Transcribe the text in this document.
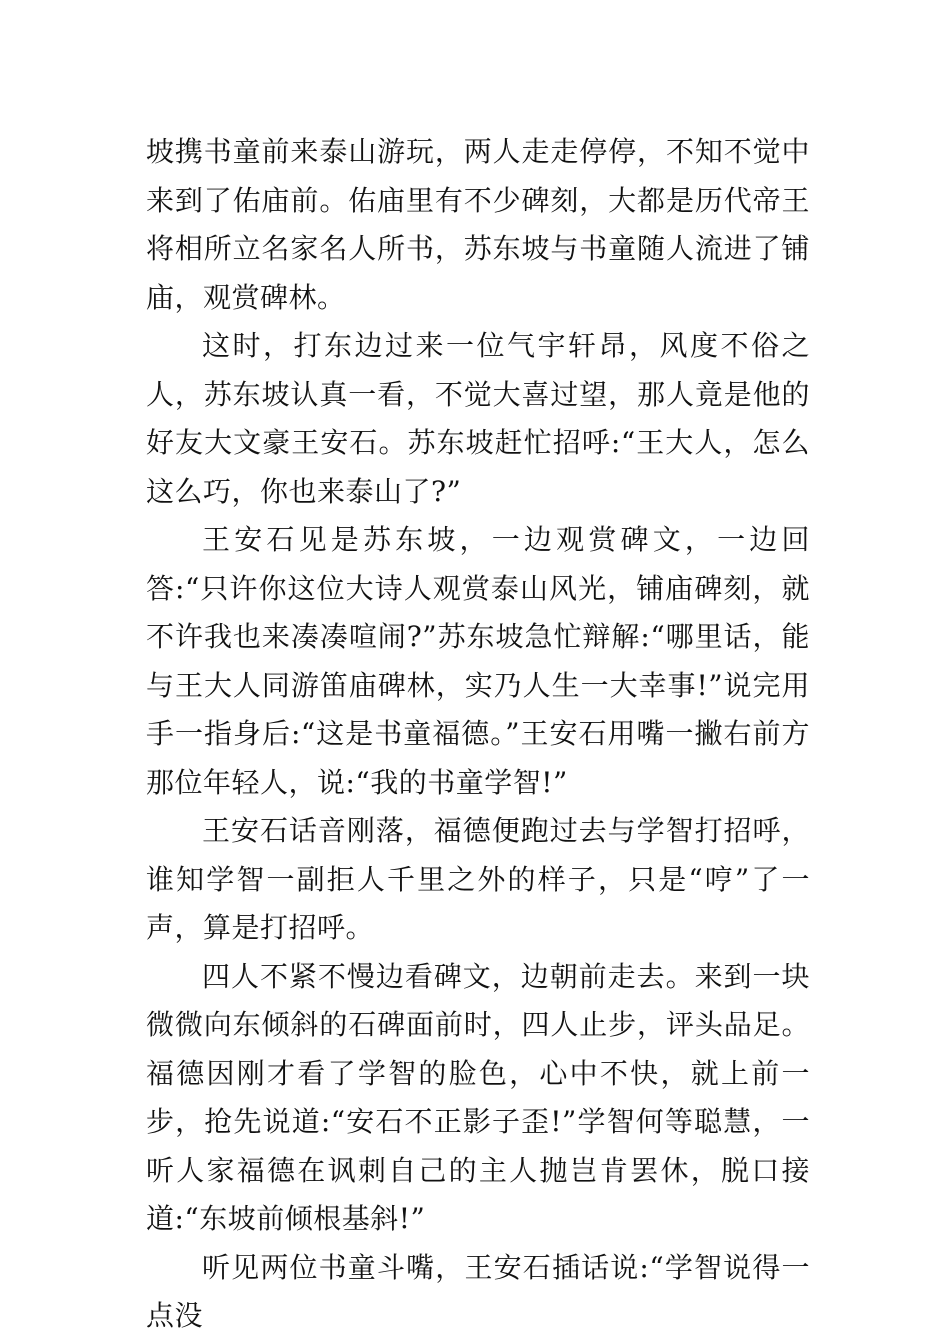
坡携书童前来泰山游玩，两人走走停停，不知不觉中来到了佑庙前。佑庙里有不少碑刻，大都是历代帝王将相所立名家名人所书，苏东坡与书童随人流进了铺庙，观赏碑林。

这时，打东边过来一位气宇轩昂，风度不俗之人，苏东坡认真一看，不觉大喜过望，那人竟是他的好友大文豪王安石。苏东坡赶忙招呼:“王大人，怎么这么巧，你也来泰山了?”

王安石见是苏东坡，一边观赏碑文，一边回答:“只许你这位大诗人观赏泰山风光，铺庙碑刻，就不许我也来凑凑喧闹?”苏东坡急忙辩解:“哪里话，能与王大人同游笛庙碑林，实乃人生一大幸事!”说完用手一指身后:“这是书童福德。”王安石用嘴一撇右前方那位年轻人，说:“我的书童学智!”

王安石话音刚落，福德便跑过去与学智打招呼，谁知学智一副拒人千里之外的样子，只是“哼”了一声，算是打招呼。

四人不紧不慢边看碑文，边朝前走去。来到一块微微向东倾斜的石碑面前时，四人止步，评头品足。福德因刚才看了学智的脸色，心中不快，就上前一步，抢先说道:“安石不正影子歪!”学智何等聪慧，一听人家福德在讽刺自己的主人抛岂肯罢休，脱口接道:“东坡前倾根基斜!”

听见两位书童斗嘴，王安石插话说:“学智说得一点没
